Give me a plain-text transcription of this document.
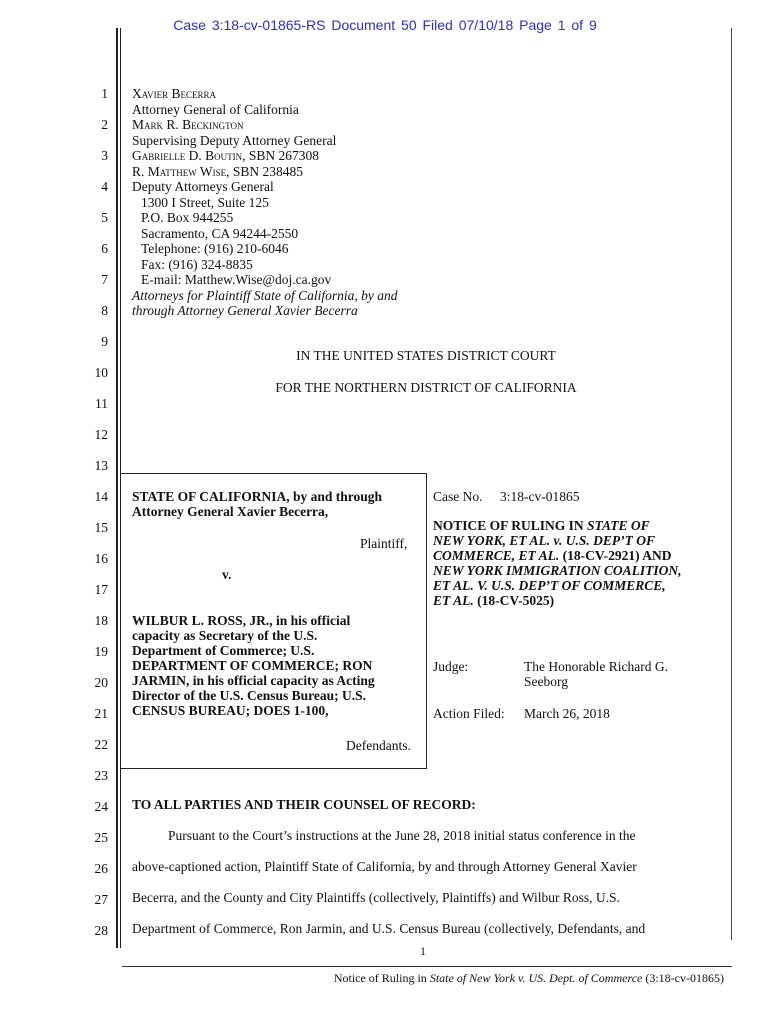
Case 3:18-cv-01865-RS Document 50 Filed 07/10/18 Page 1 of 9
1
2
3
4
5
6
7
8
9
10
11
12
13
14
15
16
17
18
19
20
21
22
23
24
25
26
27
28
Xavier Becerra
Attorney General of California
Mark R. Beckington
Supervising Deputy Attorney General
Gabrielle D. Boutin, SBN 267308
R. Matthew Wise, SBN 238485
Deputy Attorneys General
1300 I Street, Suite 125
P.O. Box 944255
Sacramento, CA 94244-2550
Telephone: (916) 210-6046
Fax: (916) 324-8835
E-mail: Matthew.Wise@doj.ca.gov
Attorneys for Plaintiff State of California, by and
through Attorney General Xavier Becerra
IN THE UNITED STATES DISTRICT COURT
FOR THE NORTHERN DISTRICT OF CALIFORNIA
STATE OF CALIFORNIA, by and through
Attorney General Xavier Becerra,
Plaintiff,
v.
WILBUR L. ROSS, JR., in his official
capacity as Secretary of the U.S.
Department of Commerce; U.S.
DEPARTMENT OF COMMERCE; RON
JARMIN, in his official capacity as Acting
Director of the U.S. Census Bureau; U.S.
CENSUS BUREAU; DOES 1-100,
Defendants.
Case No. 3:18-cv-01865
NOTICE OF RULING IN STATE OF
NEW YORK, ET AL. v. U.S. DEP’T OF
COMMERCE, ET AL. (18-CV-2921) AND
NEW YORK IMMIGRATION COALITION,
ET AL. V. U.S. DEP’T OF COMMERCE,
ET AL. (18-CV-5025)
Judge:	The Honorable Richard G.
Seeborg
Action Filed: March 26, 2018
TO ALL PARTIES AND THEIR COUNSEL OF RECORD:
Pursuant to the Court’s instructions at the June 28, 2018 initial status conference in the
above-captioned action, Plaintiff State of California, by and through Attorney General Xavier
Becerra, and the County and City Plaintiffs (collectively, Plaintiffs) and Wilbur Ross, U.S.
Department of Commerce, Ron Jarmin, and U.S. Census Bureau (collectively, Defendants, and
1
Notice of Ruling in State of New York v. US. Dept. of Commerce (3:18-cv-01865)
